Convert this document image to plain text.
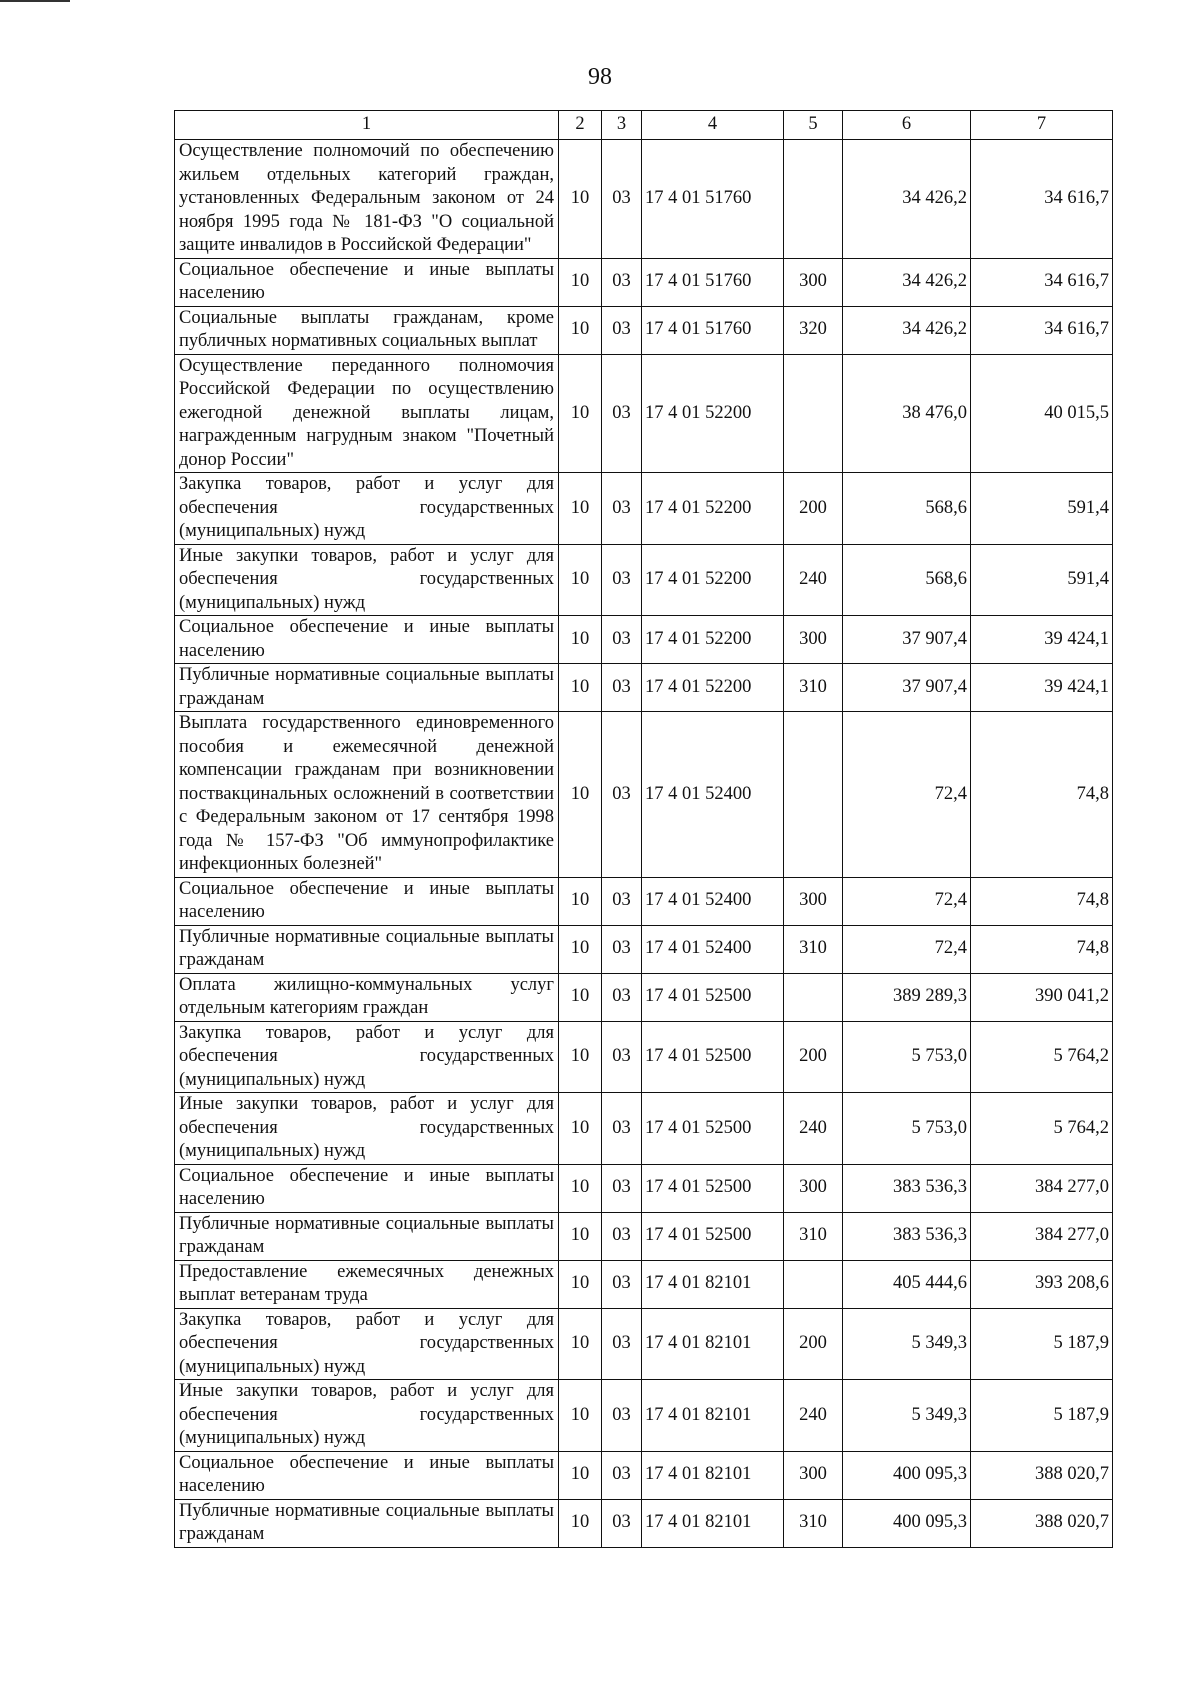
98
1	2	3	4	5	6	7
Осуществление полномочий по обеспечению жильем отдельных категорий граждан, установленных Федеральным законом от 24 ноября 1995 года № 181-ФЗ "О социальной защите инвалидов в Российской Федерации"	10	03	17 4 01 51760		34 426,2	34 616,7
Социальное обеспечение и иные выплаты населению	10	03	17 4 01 51760	300	34 426,2	34 616,7
Социальные выплаты гражданам, кроме публичных нормативных социальных выплат	10	03	17 4 01 51760	320	34 426,2	34 616,7
Осуществление переданного полномочия Российской Федерации по осуществлению ежегодной денежной выплаты лицам, награжденным нагрудным знаком "Почетный донор России"	10	03	17 4 01 52200		38 476,0	40 015,5
Закупка товаров, работ и услуг для обеспечения государственных (муниципальных) нужд	10	03	17 4 01 52200	200	568,6	591,4
Иные закупки товаров, работ и услуг для обеспечения государственных (муниципальных) нужд	10	03	17 4 01 52200	240	568,6	591,4
Социальное обеспечение и иные выплаты населению	10	03	17 4 01 52200	300	37 907,4	39 424,1
Публичные нормативные социальные выплаты гражданам	10	03	17 4 01 52200	310	37 907,4	39 424,1
Выплата государственного единовременного пособия и ежемесячной денежной компенсации гражданам при возникновении поствакцинальных осложнений в соответствии с Федеральным законом от 17 сентября 1998 года № 157-ФЗ "Об иммунопрофилактике инфекционных болезней"	10	03	17 4 01 52400		72,4	74,8
Социальное обеспечение и иные выплаты населению	10	03	17 4 01 52400	300	72,4	74,8
Публичные нормативные социальные выплаты гражданам	10	03	17 4 01 52400	310	72,4	74,8
Оплата жилищно-коммунальных услуг отдельным категориям граждан	10	03	17 4 01 52500		389 289,3	390 041,2
Закупка товаров, работ и услуг для обеспечения государственных (муниципальных) нужд	10	03	17 4 01 52500	200	5 753,0	5 764,2
Иные закупки товаров, работ и услуг для обеспечения государственных (муниципальных) нужд	10	03	17 4 01 52500	240	5 753,0	5 764,2
Социальное обеспечение и иные выплаты населению	10	03	17 4 01 52500	300	383 536,3	384 277,0
Публичные нормативные социальные выплаты гражданам	10	03	17 4 01 52500	310	383 536,3	384 277,0
Предоставление ежемесячных денежных выплат ветеранам труда	10	03	17 4 01 82101		405 444,6	393 208,6
Закупка товаров, работ и услуг для обеспечения государственных (муниципальных) нужд	10	03	17 4 01 82101	200	5 349,3	5 187,9
Иные закупки товаров, работ и услуг для обеспечения государственных (муниципальных) нужд	10	03	17 4 01 82101	240	5 349,3	5 187,9
Социальное обеспечение и иные выплаты населению	10	03	17 4 01 82101	300	400 095,3	388 020,7
Публичные нормативные социальные выплаты гражданам	10	03	17 4 01 82101	310	400 095,3	388 020,7
